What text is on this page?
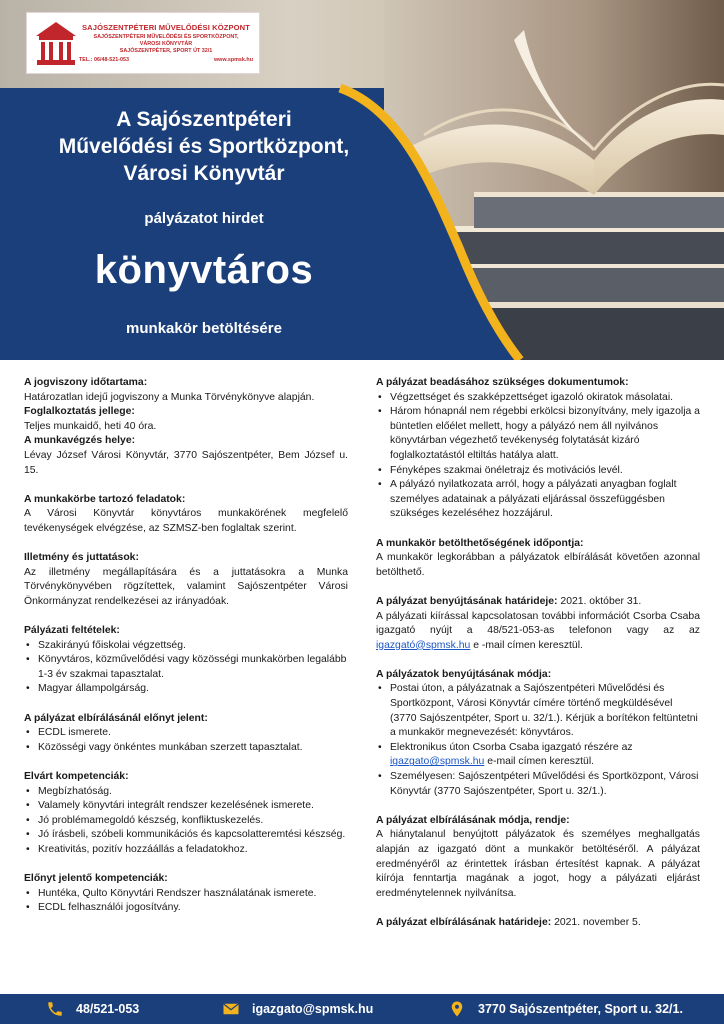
SAJÓSZENTPÉTERI MŰVELŐDÉSI KÖZPONT
SAJÓSZENTPÉTERI MŰVELŐDÉSI ÉS SPORTKÖZPONT,
VÁROSI KÖNYVTÁR
SAJÓSZENTPÉTER, SPORT ÚT 32/1
TEL.: 06/48-521-053	www.spmsk.hu
A Sajószentpéteri
Művelődési és Sportközpont,
Városi Könyvtár
pályázatot hirdet
könyvtáros
munkakör betöltésére
A jogviszony időtartama:
Határozatlan idejű jogviszony a Munka Törvénykönyve alapján.
Foglalkoztatás jellege:
Teljes munkaidő, heti 40 óra.
A munkavégzés helye:
Lévay József Városi Könyvtár, 3770 Sajószentpéter, Bem József u. 15.
A munkakörbe tartozó feladatok:
A Városi Könyvtár könyvtáros munkakörének megfelelő tevékenységek elvégzése, az SZMSZ-ben foglaltak szerint.
Illetmény és juttatások:
Az illetmény megállapítására és a juttatásokra a Munka Törvénykönyvében rögzítettek, valamint Sajószentpéter Városi Önkormányzat rendelkezései az irányadóak.
Pályázati feltételek:
• Szakirányú főiskolai végzettség.
• Könyvtáros, közművelődési vagy közösségi munkakörben legalább 1-3 év szakmai tapasztalat.
• Magyar állampolgárság.
A pályázat elbírálásánál előnyt jelent:
• ECDL ismerete.
• Közösségi vagy önkéntes munkában szerzett tapasztalat.
Elvárt kompetenciák:
• Megbízhatóság.
• Valamely könyvtári integrált rendszer kezelésének ismerete.
• Jó problémamegoldó készség, konfliktuskezelés.
• Jó írásbeli, szóbeli kommunikációs és kapcsolatteremtési készség.
• Kreativitás, pozitív hozzáállás a feladatokhoz.
Előnyt jelentő kompetenciák:
• Huntéka, Qulto Könyvtári Rendszer használatának ismerete.
• ECDL felhasználói jogosítvány.
A pályázat beadásához szükséges dokumentumok:
• Végzettséget és szakképzettséget igazoló okiratok másolatai.
• Három hónapnál nem régebbi erkölcsi bizonyítvány, mely igazolja a büntetlen előélet mellett, hogy a pályázó nem áll nyilvános könyvtárban végezhető tevékenység folytatását kizáró foglalkoztatástól eltiltás hatálya alatt.
• Fényképes szakmai önéletrajz és motivációs levél.
• A pályázó nyilatkozata arról, hogy a pályázati anyagban foglalt személyes adatainak a pályázati eljárással összefüggésben szükséges kezeléséhez hozzájárul.
A munkakör betölthetőségének időpontja:
A munkakör legkorábban a pályázatok elbírálását követően azonnal betölthető.
A pályázat benyújtásának határideje: 2021. október 31.
A pályázati kiírással kapcsolatosan további információt Csorba Csaba igazgató nyújt a 48/521-053-as telefonon vagy az az igazgató@spmsk.hu e -mail címen keresztül.
A pályázatok benyújtásának módja:
• Postai úton, a pályázatnak a Sajószentpéteri Művelődési és Sportközpont, Városi Könyvtár címére történő megküldésével (3770 Sajószentpéter, Sport u. 32/1.). Kérjük a borítékon feltüntetni a munkakör megnevezését: könyvtáros.
• Elektronikus úton Csorba Csaba igazgató részére az igazgato@spmsk.hu e-mail címen keresztül.
• Személyesen: Sajószentpéteri Művelődési és Sportközpont, Városi Könyvtár (3770 Sajószentpéter, Sport u. 32/1.).
A pályázat elbírálásának módja, rendje:
A hiánytalanul benyújtott pályázatok és személyes meghallgatás alapján az igazgató dönt a munkakör betöltéséről. A pályázat eredményéről az érintettek írásban értesítést kapnak. A pályázat kiírója fenntartja magának a jogot, hogy a pályázati eljárást eredménytelennek nyilvánítsa.
A pályázat elbírálásának határideje: 2021. november 5.
48/521-053	igazgato@spmsk.hu	3770 Sajószentpéter, Sport u. 32/1.
